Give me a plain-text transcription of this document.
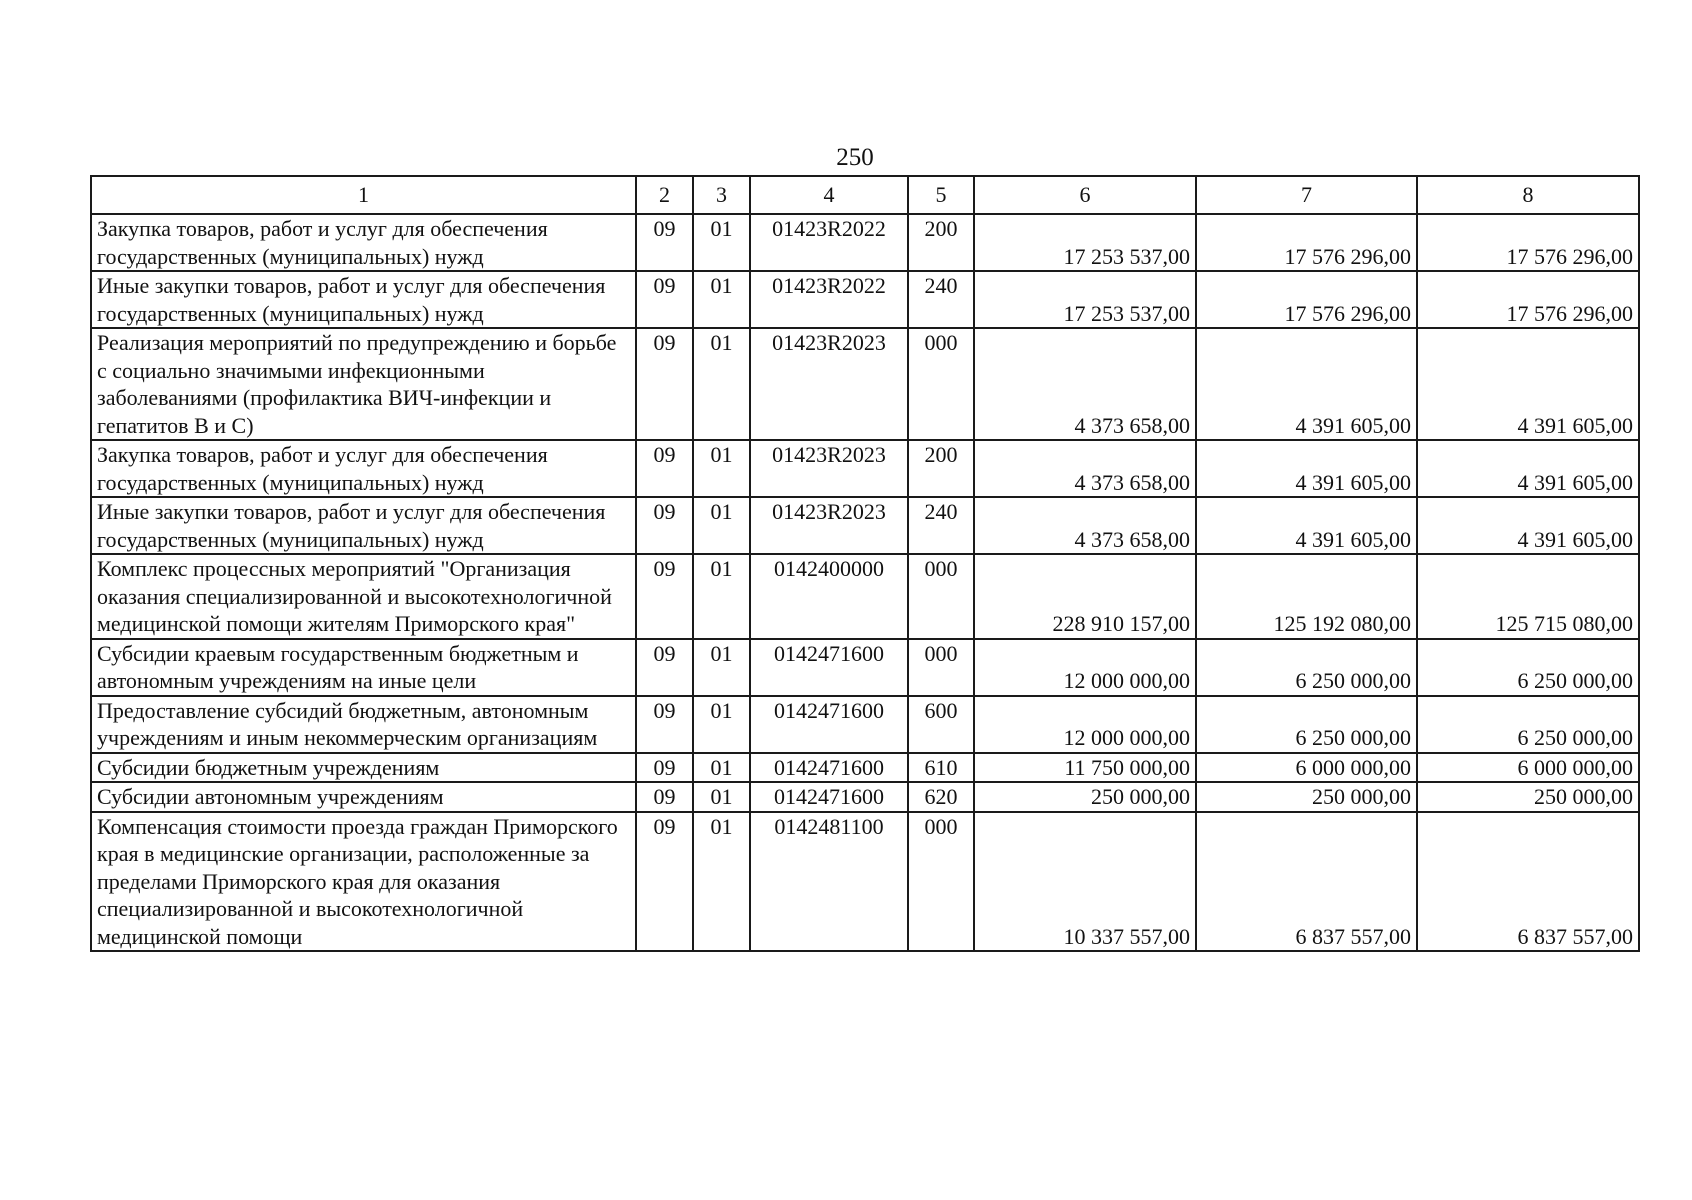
250
1	2	3	4	5	6	7	8
Закупка товаров, работ и услуг для обеспечения государственных (муниципальных) нужд	09	01	01423R2022	200	17 253 537,00	17 576 296,00	17 576 296,00
Иные закупки товаров, работ и услуг для обеспечения государственных (муниципальных) нужд	09	01	01423R2022	240	17 253 537,00	17 576 296,00	17 576 296,00
Реализация мероприятий по предупреждению и борьбе с социально значимыми инфекционными заболеваниями (профилактика ВИЧ-инфекции и гепатитов B и C)	09	01	01423R2023	000	4 373 658,00	4 391 605,00	4 391 605,00
Закупка товаров, работ и услуг для обеспечения государственных (муниципальных) нужд	09	01	01423R2023	200	4 373 658,00	4 391 605,00	4 391 605,00
Иные закупки товаров, работ и услуг для обеспечения государственных (муниципальных) нужд	09	01	01423R2023	240	4 373 658,00	4 391 605,00	4 391 605,00
Комплекс процессных мероприятий "Организация оказания специализированной и высокотехнологичной медицинской помощи жителям Приморского края"	09	01	0142400000	000	228 910 157,00	125 192 080,00	125 715 080,00
Субсидии краевым государственным бюджетным и автономным учреждениям на иные цели	09	01	0142471600	000	12 000 000,00	6 250 000,00	6 250 000,00
Предоставление субсидий бюджетным, автономным учреждениям и иным некоммерческим организациям	09	01	0142471600	600	12 000 000,00	6 250 000,00	6 250 000,00
Субсидии бюджетным учреждениям	09	01	0142471600	610	11 750 000,00	6 000 000,00	6 000 000,00
Субсидии автономным учреждениям	09	01	0142471600	620	250 000,00	250 000,00	250 000,00
Компенсация стоимости проезда граждан Приморского края в медицинские организации, расположенные за пределами Приморского края для оказания специализированной и высокотехнологичной медицинской помощи	09	01	0142481100	000	10 337 557,00	6 837 557,00	6 837 557,00
